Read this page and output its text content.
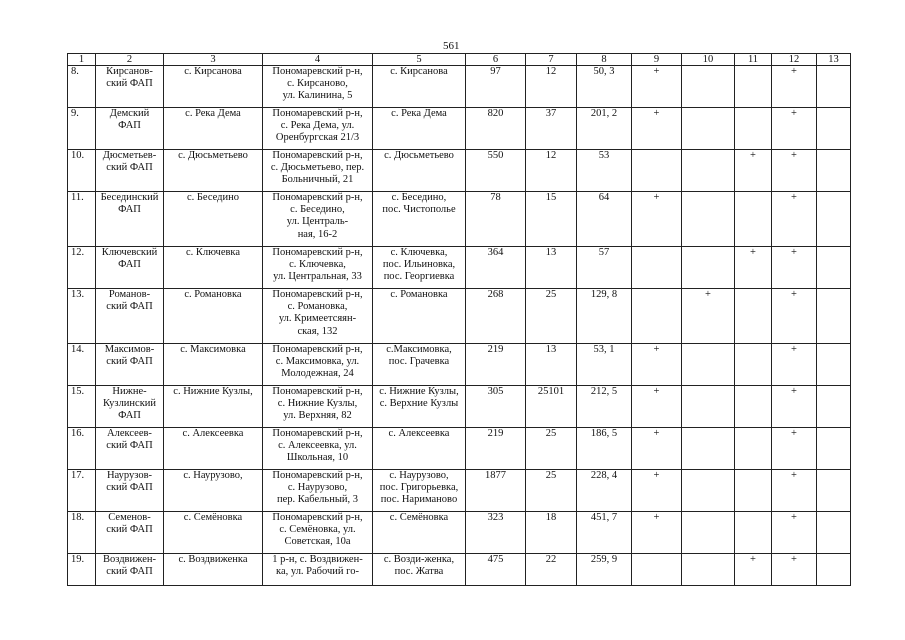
561
1	2	3	4	5	6	7	8	9	10	11	12	13
8.	Кирсанов-
ский ФАП	с. Кирсанова	Пономаревский р-н,
с. Кирсаново,
ул. Калинина, 5	с. Кирсанова	97	12	50, 3	+			+	
9.	Демский
ФАП	с. Река Дема	Пономаревский р-н,
с. Река Дема, ул.
Оренбургская 21/3	с. Река Дема	820	37	201, 2	+			+	
10.	Дюсметьев-
ский ФАП	с. Дюсьметьево	Пономаревский р-н,
с. Дюсьметьево, пер.
Больничный, 21	с. Дюсьметьево	550	12	53			+	+	
11.	Бесединский
ФАП	с. Беседино	Пономаревский р-н,
с. Беседино,
ул. Централь-
ная, 16-2	с. Беседино,
пос. Чистополье	78	15	64	+			+	
12.	Ключевский
ФАП	с. Ключевка	Пономаревский р-н,
с. Ключевка,
ул. Центральная, 33	с. Ключевка,
пос. Ильиновка,
пос. Георгиевка	364	13	57			+	+	
13.	Романов-
ский ФАП	с. Романовка	Пономаревский р-н,
с. Романовка,
ул. Кримеетсяян-
ская, 132	с. Романовка	268	25	129, 8		+		+	
14.	Максимов-
ский ФАП	с. Максимовка	Пономаревский р-н,
с. Максимовка, ул.
Молодежная, 24	с.Максимовка,
пос. Грачевка	219	13	53, 1	+			+	
15.	Нижне-
Кузлинский
ФАП	с. Нижние Кузлы,	Пономаревский р-н,
с. Нижние Кузлы,
ул. Верхняя, 82	с. Нижние Кузлы,
с. Верхние Кузлы	305	25101	212, 5	+			+	
16.	Алексеев-
ский ФАП	с. Алексеевка	Пономаревский р-н,
с. Алексеевка, ул.
Школьная, 10	с. Алексеевка	219	25	186, 5	+			+	
17.	Наурузов-
ский ФАП	с. Наурузово,	Пономаревский р-н,
с. Наурузово,
пер. Кабельный, 3	с. Наурузово,
пос. Григорьевка,
пос. Нариманово	1877	25	228, 4	+			+	
18.	Семенов-
ский ФАП	с. Семёновка	Пономаревский р-н,
с. Семёновка, ул.
Советская, 10а	с. Семёновка	323	18	451, 7	+			+	
19.	Воздвижен-
ский ФАП	с. Воздвиженка	1 р-н, с. Воздвижен-
ка, ул. Рабочий го-	с. Возди-женка,
пос. Жатва	475	22	259, 9			+	+	
